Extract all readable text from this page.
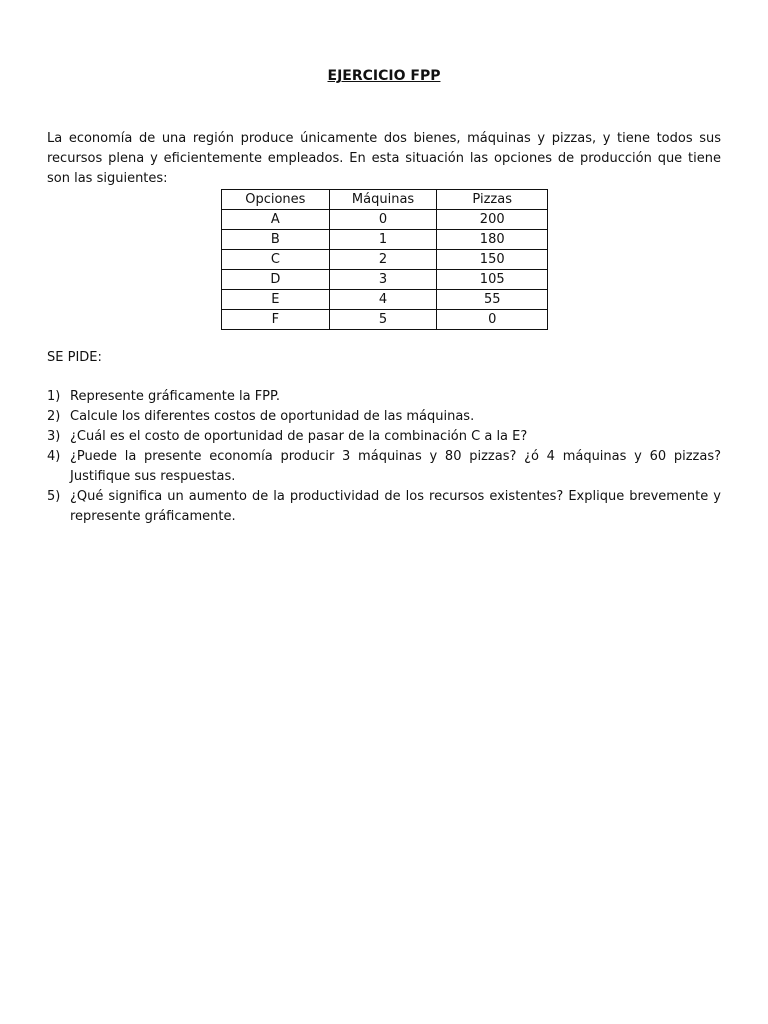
EJERCICIO FPP

La economía de una región produce únicamente dos bienes, máquinas y pizzas, y tiene todos sus recursos plena y eficientemente empleados. En esta situación las opciones de producción que tiene son las siguientes:

Opciones	Máquinas	Pizzas
A	0	200
B	1	180
C	2	150
D	3	105
E	4	55
F	5	0

SE PIDE:

1) Represente gráficamente la FPP.
2) Calcule los diferentes costos de oportunidad de las máquinas.
3) ¿Cuál es el costo de oportunidad de pasar de la combinación C a la E?
4) ¿Puede la presente economía producir 3 máquinas y 80 pizzas? ¿ó 4 máquinas y 60 pizzas? Justifique sus respuestas.
5) ¿Qué significa un aumento de la productividad de los recursos existentes? Explique brevemente y represente gráficamente.
